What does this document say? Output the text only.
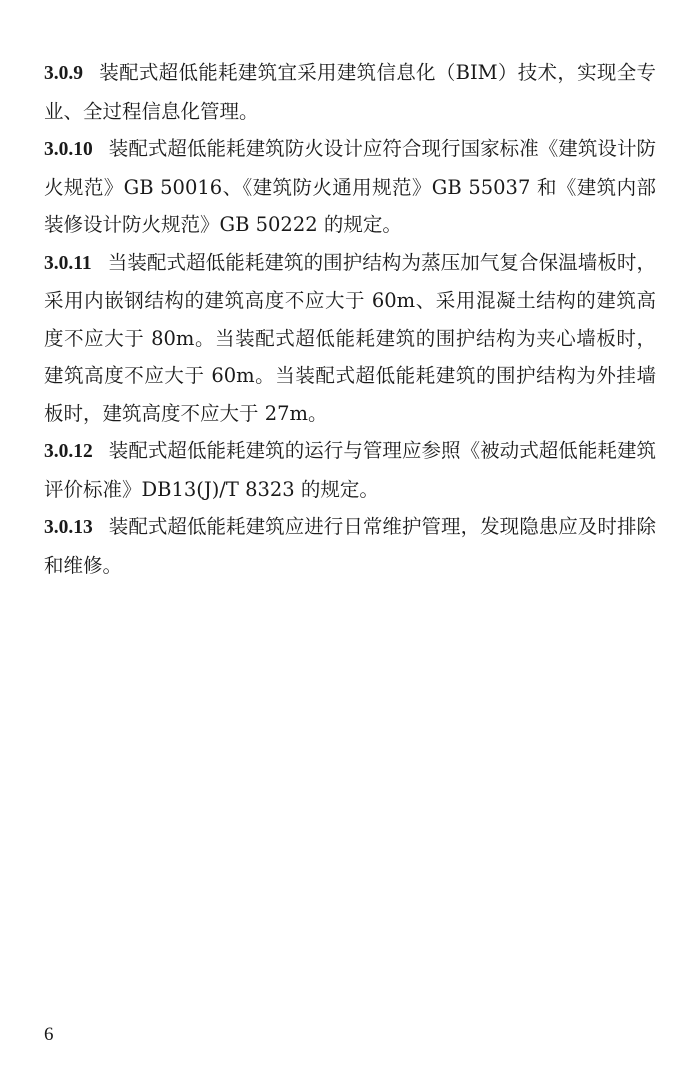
3.0.9 装配式超低能耗建筑宜采用建筑信息化（BIM）技术，实现全专业、全过程信息化管理。

3.0.10 装配式超低能耗建筑防火设计应符合现行国家标准《建筑设计防火规范》GB 50016、《建筑防火通用规范》GB 55037 和《建筑内部装修设计防火规范》GB 50222 的规定。

3.0.11 当装配式超低能耗建筑的围护结构为蒸压加气复合保温墙板时，采用内嵌钢结构的建筑高度不应大于 60m、采用混凝土结构的建筑高度不应大于 80m。当装配式超低能耗建筑的围护结构为夹心墙板时，建筑高度不应大于 60m。当装配式超低能耗建筑的围护结构为外挂墙板时，建筑高度不应大于 27m。

3.0.12 装配式超低能耗建筑的运行与管理应参照《被动式超低能耗建筑评价标准》DB13(J)/T 8323 的规定。

3.0.13 装配式超低能耗建筑应进行日常维护管理，发现隐患应及时排除和维修。

6
